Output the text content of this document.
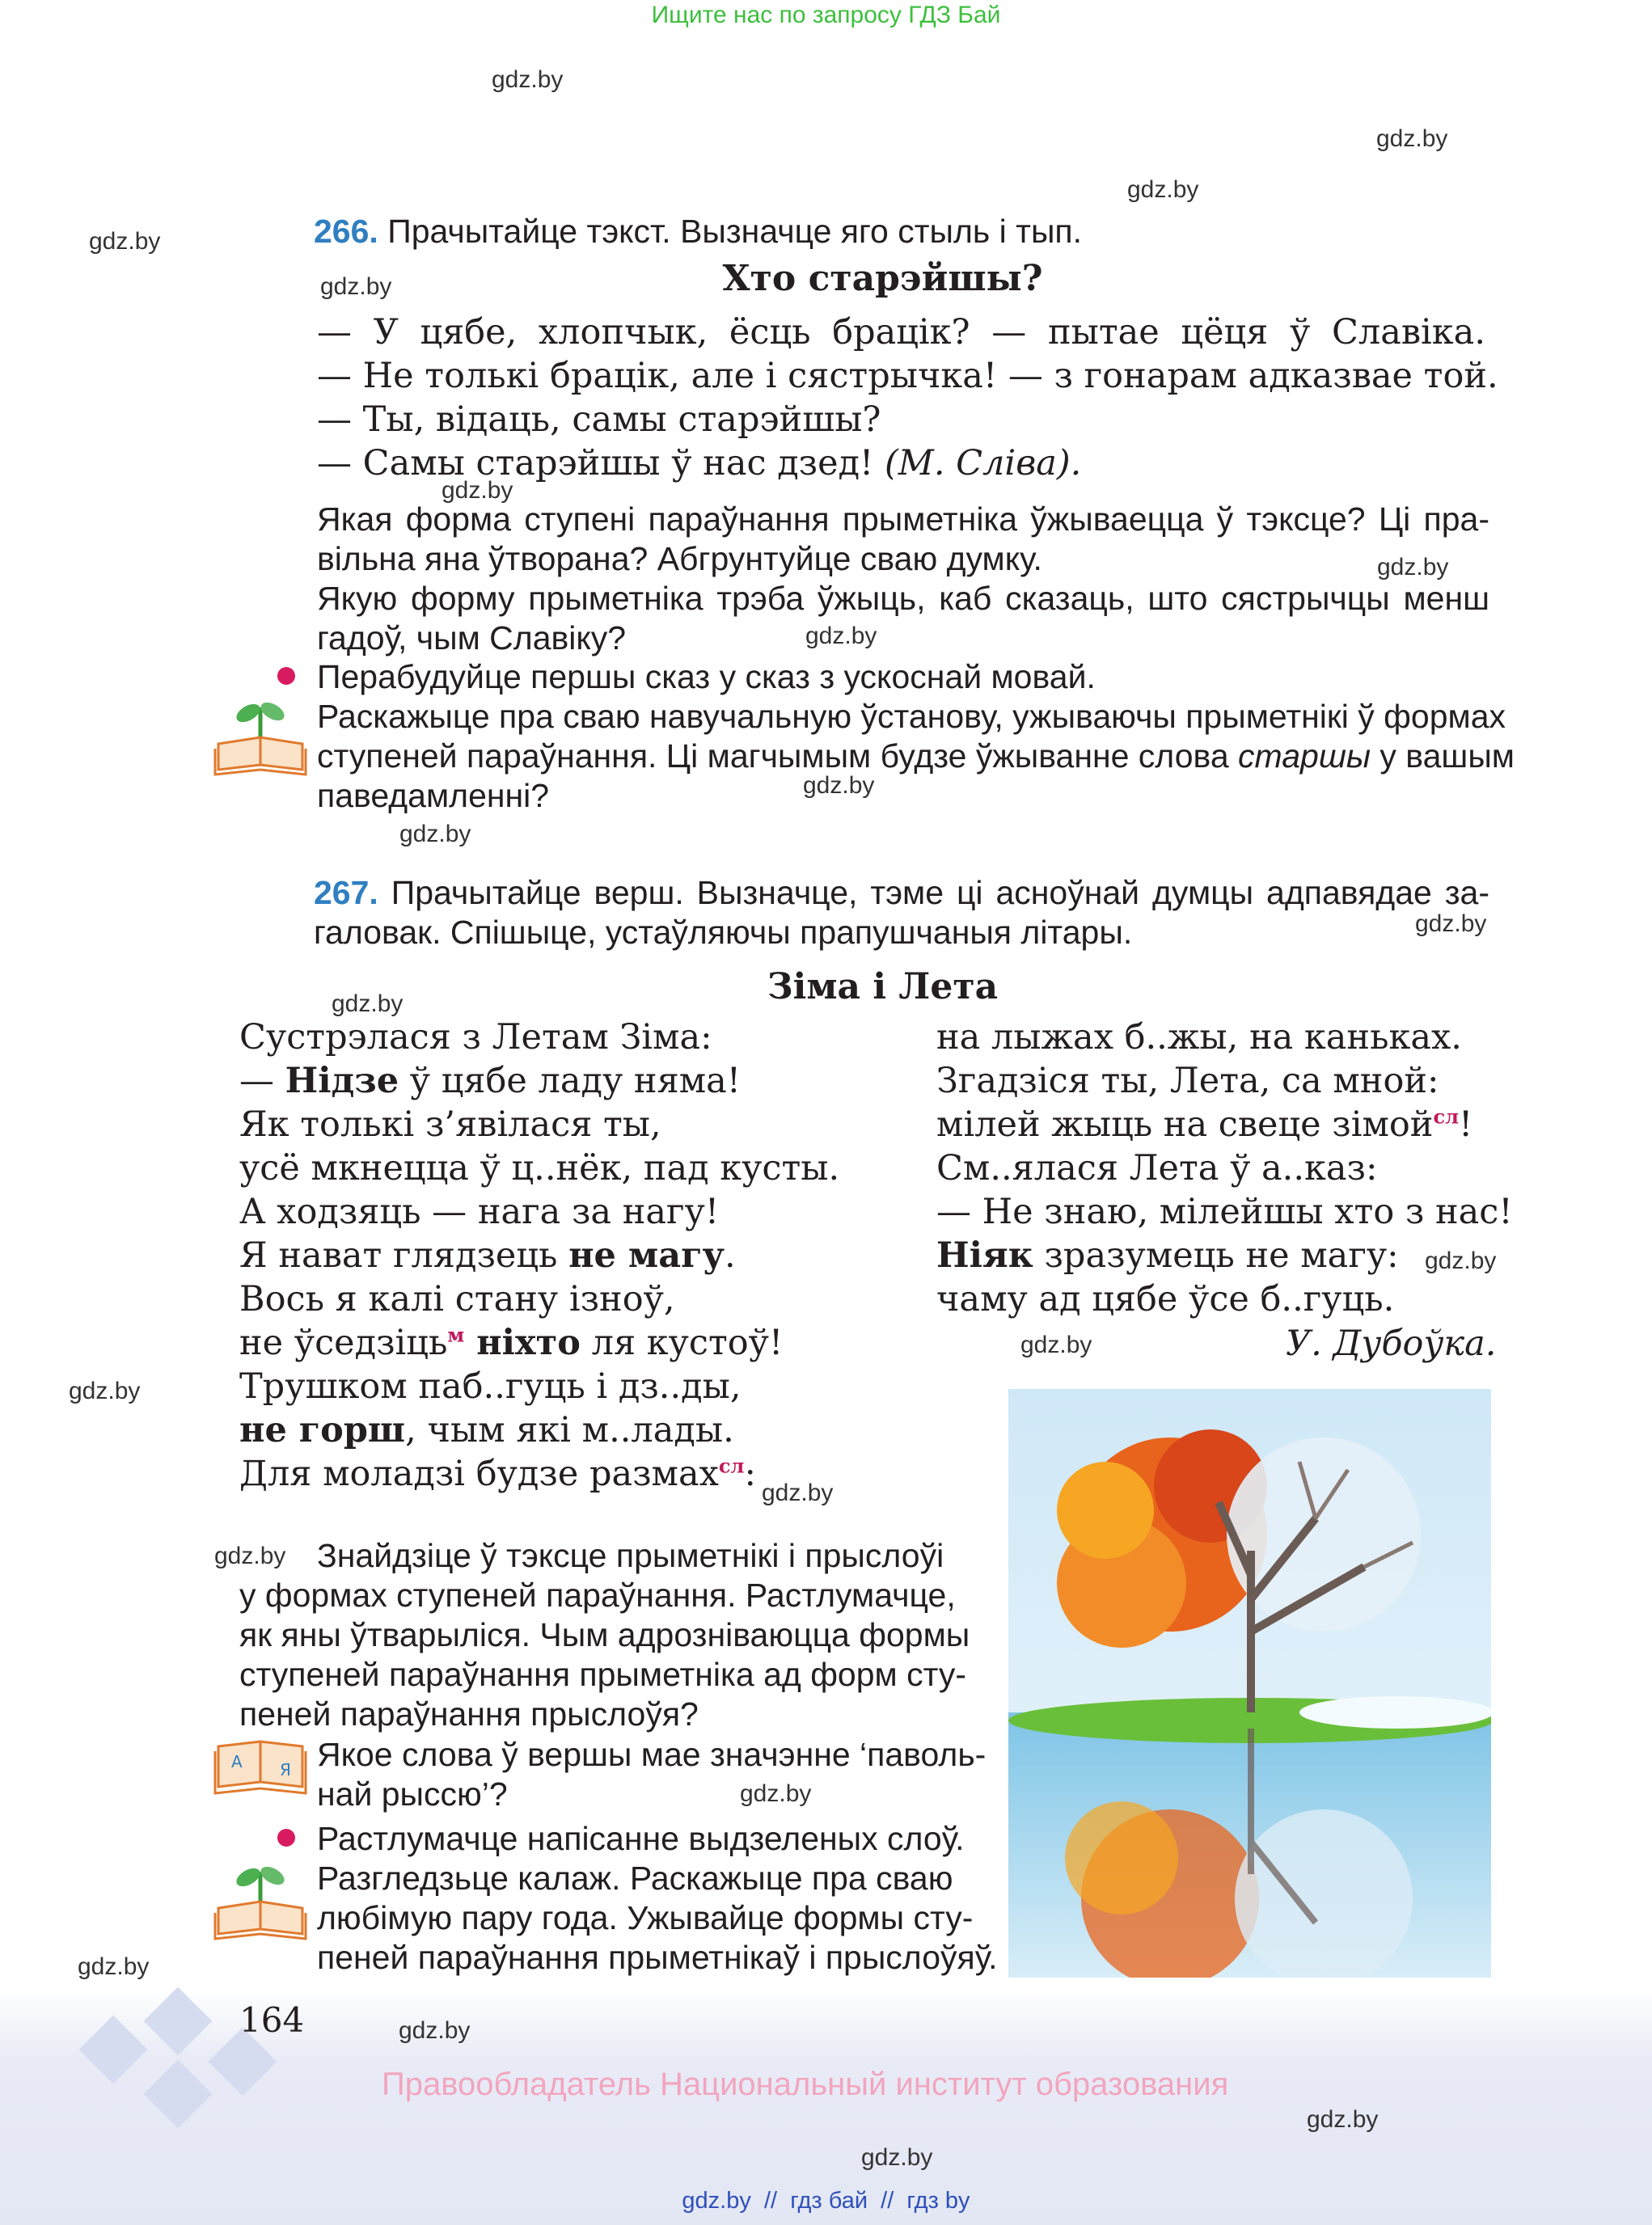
Ищите нас по запросу ГДЗ Бай
gdz.by
gdz.by
gdz.by
gdz.by
gdz.by
gdz.by
gdz.by
gdz.by
gdz.by
gdz.by
gdz.by
gdz.by
gdz.by
gdz.by
gdz.by
gdz.by
gdz.by
gdz.by
gdz.by
gdz.by
gdz.by
gdz.by
266. Прачытайце тэкст. Вызначце яго стыль і тып.
Хто старэйшы?
— У цябе, хлопчык, ёсць брацік? — пытае цёця ў Славіка.
— Не толькі брацік, але і сястрычка! — з гонарам адказвае той.
— Ты, відаць, самы старэйшы?
— Самы старэйшы ў нас дзед! (М. Сліва).
Якая форма ступені параўнання прыметніка ўжываецца ў тэксце? Ці пра-
вільна яна ўтворана? Абгрунтуйце сваю думку.
Якую форму прыметніка трэба ўжыць, каб сказаць, што сястрычцы менш
гадоў, чым Славіку?
Перабудуйце першы сказ у сказ з ускоснай мовай.
Раскажыце пра сваю навучальную ўстанову, ужываючы прыметнікі ў формах
ступеней параўнання. Ці магчымым будзе ўжыванне слова старшы у вашым
паведамленні?
267. Прачытайце верш. Вызначце, тэме ці асноўнай думцы адпавядае за-
галовак. Спішыце, устаўляючы прапушчаныя літары.
Зіма і Лета
Сустрэлася з Летам Зіма:
— Нідзе ў цябе ладу няма!
Як толькі з’явілася ты,
усё мкнецца ў ц..нёк, пад кусты.
А ходзяць — нага за нагу!
Я нават глядзець не магу.
Вось я калі стану ізноў,
не ўседзіць$^м$ ніхто ля кустоў!
Трушком паб..гуць і дз..ды,
не горш, чым які м..лады.
Для моладзі будзе размах$^{сл}$:
на лыжах б..жы, на каньках.
Згадзіся ты, Лета, са мной:
мілей жыць на свеце зімой$^{сл}$!
См..ялася Лета ў а..каз:
— Не знаю, мілейшы хто з нас!
Ніяк зразумець не магу:
чаму ад цябе ўсе б..гуць.
У. Дубоўка.
Знайдзіце ў тэксце прыметнікі і прыслоўі
у формах ступеней параўнання. Растлумачце,
як яны ўтварыліся. Чым адрозніваюцца формы
ступеней параўнання прыметніка ад форм сту-
пеней параўнання прыслоўя?
А Я Якое слова ў вершы мае значэнне ‘паволь-
най рыссю’?
Растлумачце напісанне выдзеленых слоў.
Разгледзьце калаж. Раскажыце пра сваю
любімую пару года. Ужывайце формы сту-
пеней параўнання прыметнікаў і прыслоўяў.
164
Правообладатель Национальный институт образования
gdz.by  //  гдз бай  //  гдз by
